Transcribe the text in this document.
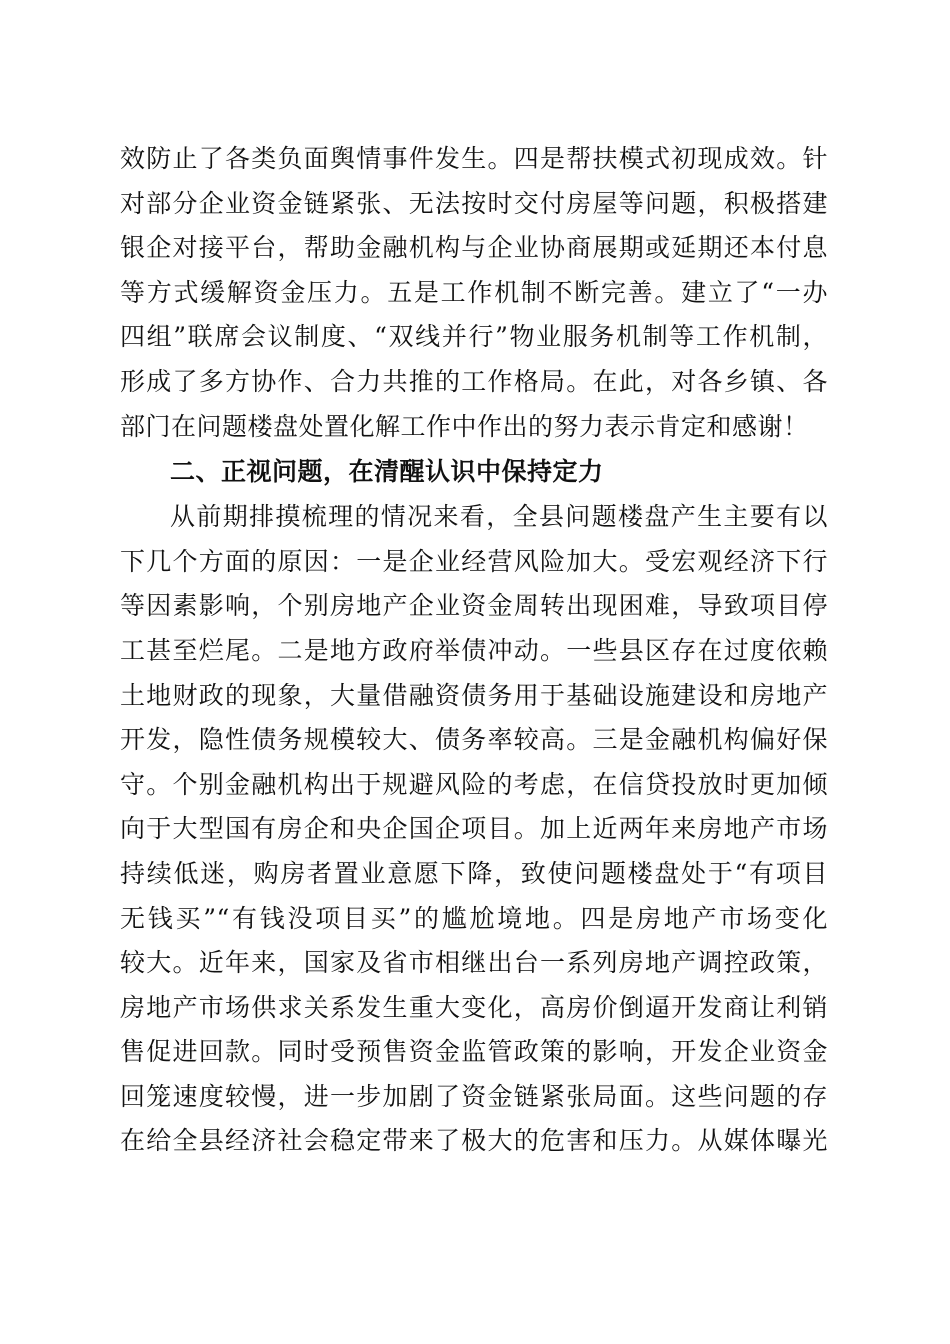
效防止了各类负面舆情事件发生。四是帮扶模式初现成效。针
对部分企业资金链紧张、无法按时交付房屋等问题，积极搭建
银企对接平台，帮助金融机构与企业协商展期或延期还本付息
等方式缓解资金压力。五是工作机制不断完善。建立了“一办
四组”联席会议制度、“双线并行”物业服务机制等工作机制，
形成了多方协作、合力共推的工作格局。在此，对各乡镇、各
部门在问题楼盘处置化解工作中作出的努力表示肯定和感谢！
二、正视问题，在清醒认识中保持定力
从前期排摸梳理的情况来看，全县问题楼盘产生主要有以
下几个方面的原因：一是企业经营风险加大。受宏观经济下行
等因素影响，个别房地产企业资金周转出现困难，导致项目停
工甚至烂尾。二是地方政府举债冲动。一些县区存在过度依赖
土地财政的现象，大量借融资债务用于基础设施建设和房地产
开发，隐性债务规模较大、债务率较高。三是金融机构偏好保
守。个别金融机构出于规避风险的考虑，在信贷投放时更加倾
向于大型国有房企和央企国企项目。加上近两年来房地产市场
持续低迷，购房者置业意愿下降，致使问题楼盘处于“有项目
无钱买”“有钱没项目买”的尴尬境地。四是房地产市场变化
较大。近年来，国家及省市相继出台一系列房地产调控政策，
房地产市场供求关系发生重大变化，高房价倒逼开发商让利销
售促进回款。同时受预售资金监管政策的影响，开发企业资金
回笼速度较慢，进一步加剧了资金链紧张局面。这些问题的存
在给全县经济社会稳定带来了极大的危害和压力。从媒体曝光
